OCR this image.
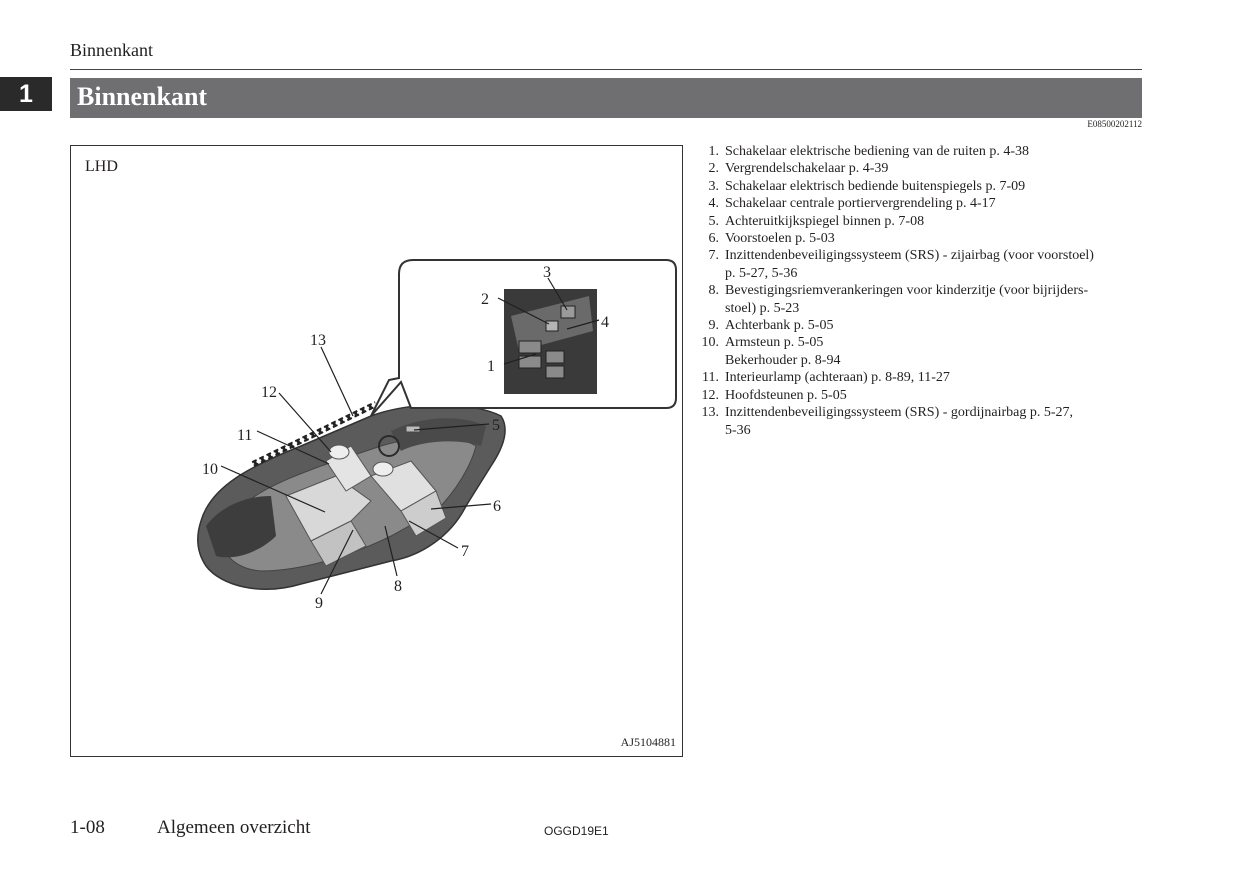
Binnenkant
1	Binnenkant
E08500202112
LHD
1
2
3
4
5
6
7
8
9
10
11
12
13
AJ5104881
1. Schakelaar elektrische bediening van de ruiten p. 4-38
2. Vergrendelschakelaar p. 4-39
3. Schakelaar elektrisch bediende buitenspiegels p. 7-09
4. Schakelaar centrale portiervergrendeling p. 4-17
5. Achteruitkijkspiegel binnen p. 7-08
6. Voorstoelen p. 5-03
7. Inzittendenbeveiligingssysteem (SRS) - zijairbag (voor voorstoel)
p. 5-27, 5-36
8. Bevestigingsriemverankeringen voor kinderzitje (voor bijrijders-
stoel) p. 5-23
9. Achterbank p. 5-05
10. Armsteun p. 5-05
Bekerhouder p. 8-94
11. Interieurlamp (achteraan) p. 8-89, 11-27
12. Hoofdsteunen p. 5-05
13. Inzittendenbeveiligingssysteem (SRS) - gordijnairbag p. 5-27,
5-36
1-08	Algemeen overzicht	OGGD19E1
